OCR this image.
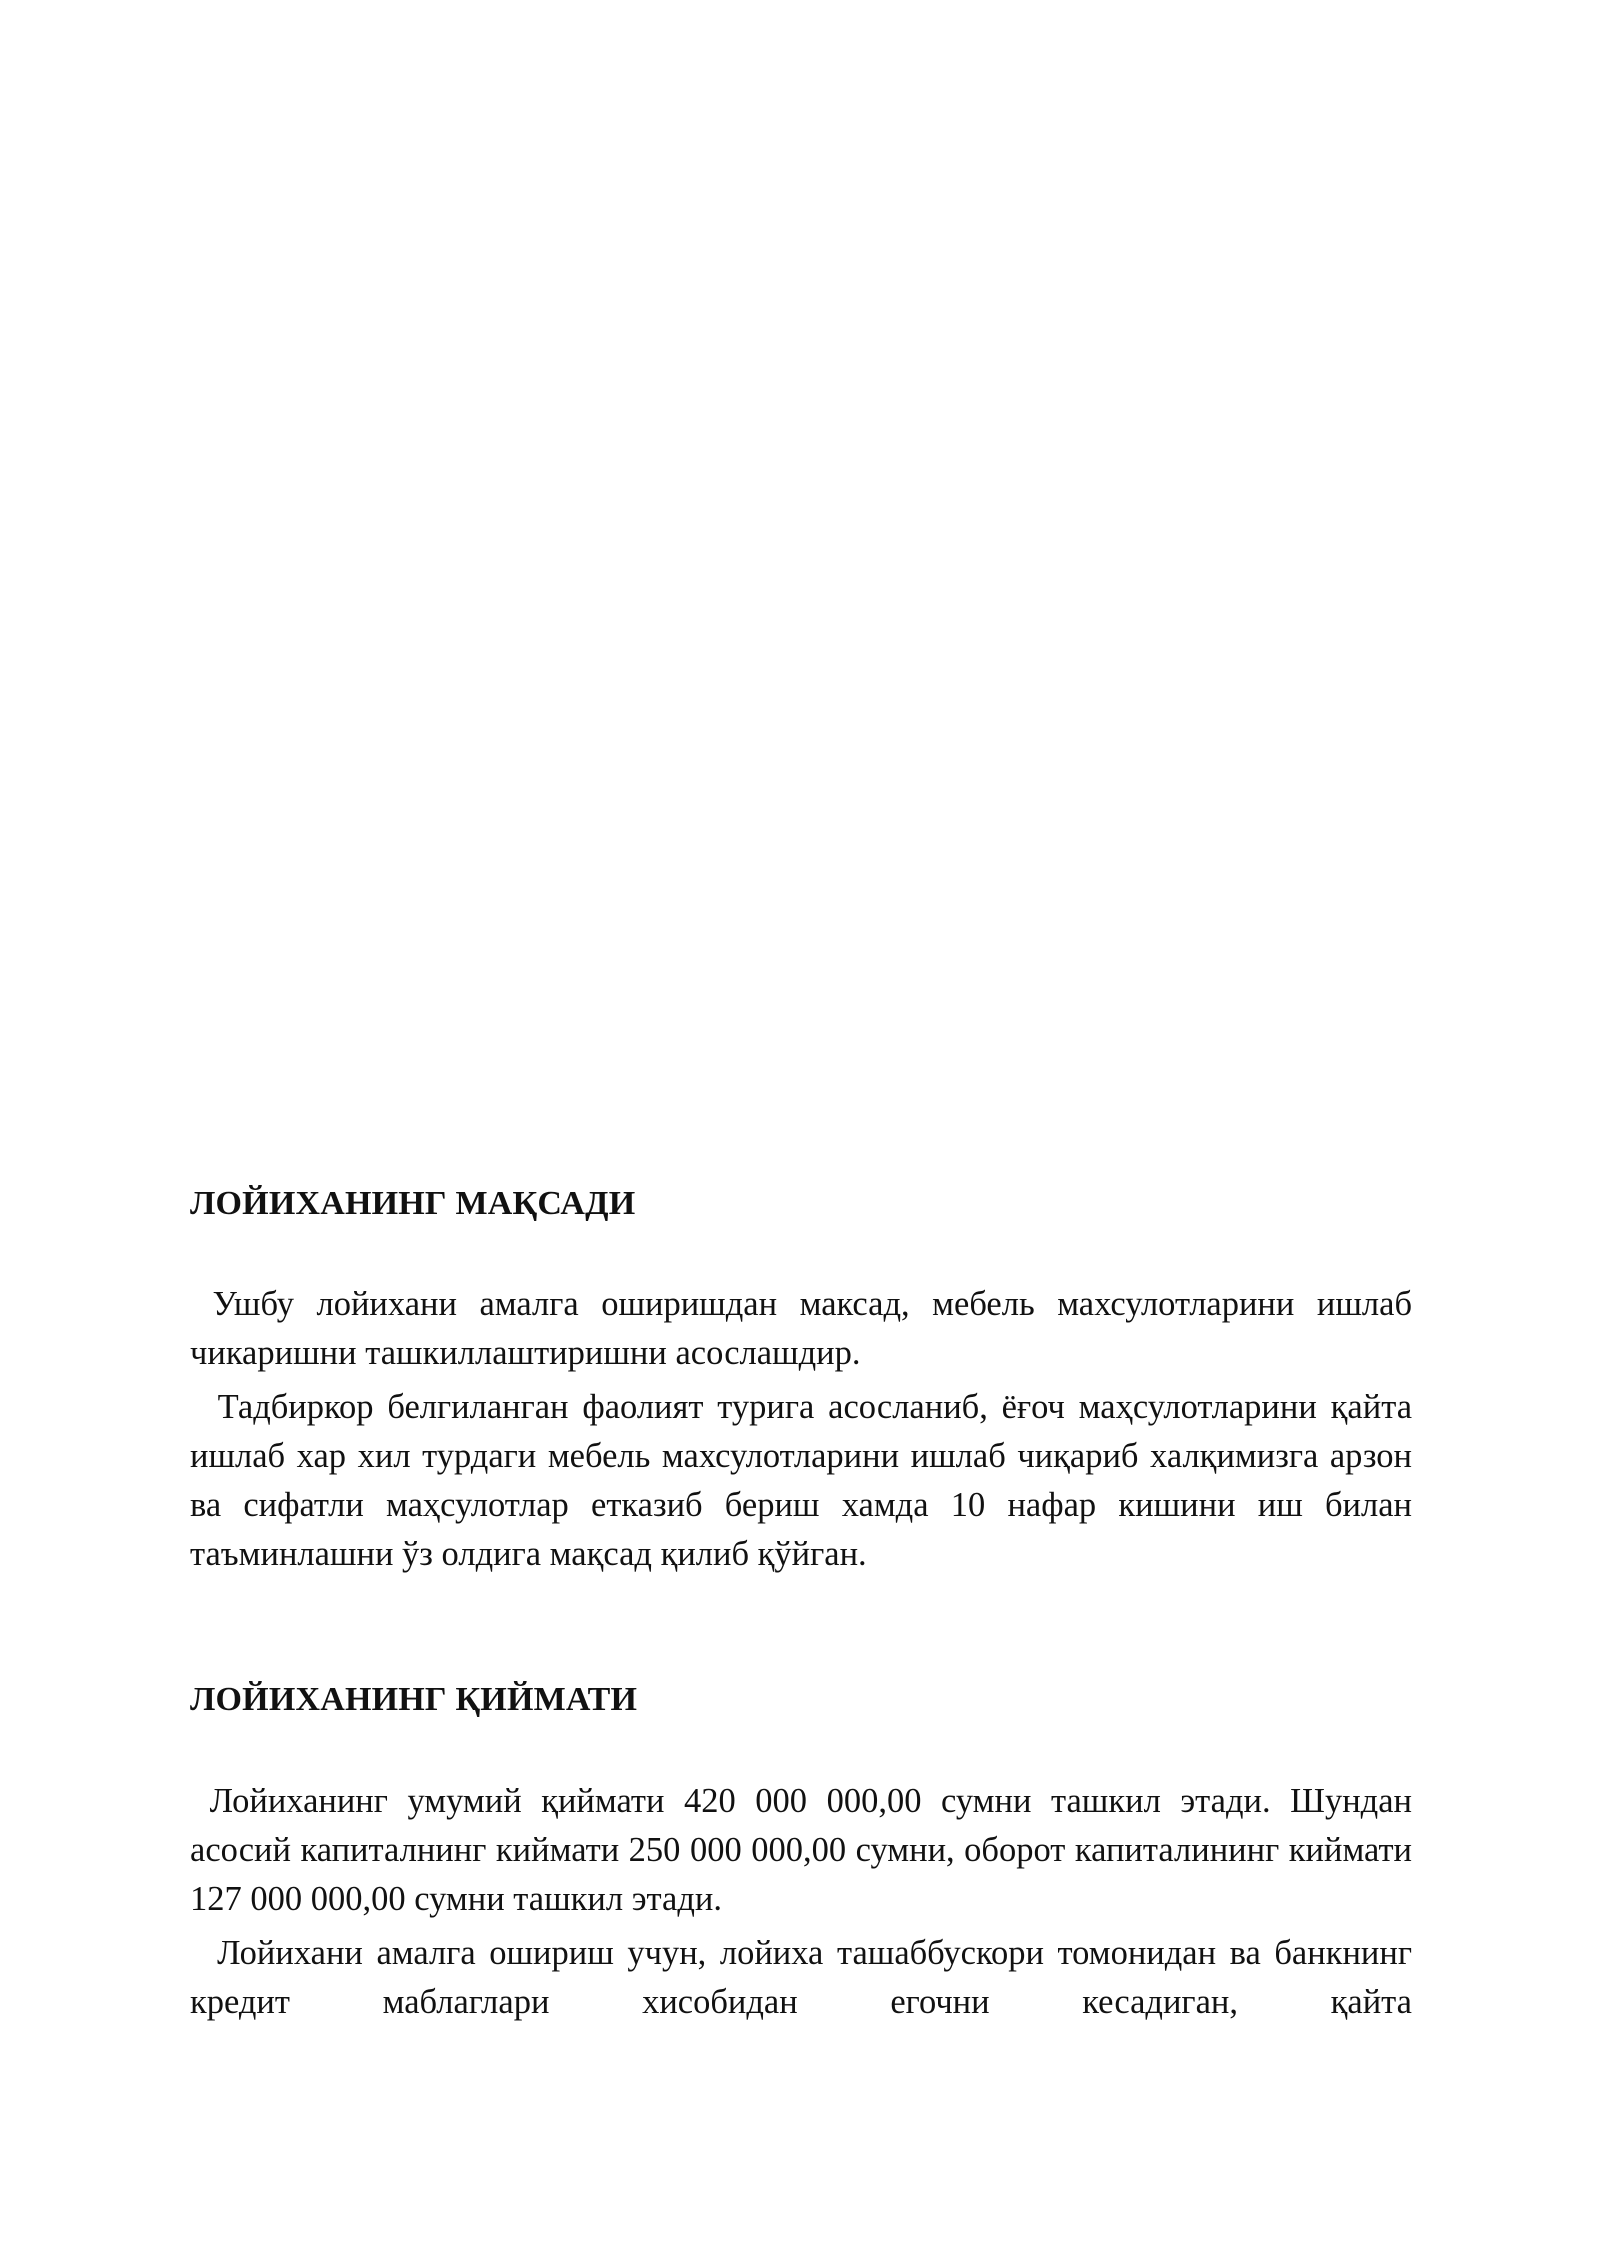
ЛОЙИХАНИНГ МАҚСАДИ

Ушбу лойихани амалга оширишдан максад, мебель махсулотларини ишлаб чикаришни ташкиллаштиришни асослашдир.

Тадбиркор белгиланган фаолият турига асосланиб, ёғоч маҳсулотларини қайта ишлаб хар хил турдаги мебель махсулотларини ишлаб чиқариб халқимизга арзон ва сифатли маҳсулотлар етказиб бериш хамда 10 нафар кишини иш билан таъминлашни ўз олдига мақсад қилиб қўйган.

ЛОЙИХАНИНГ ҚИЙМАТИ

Лойиханинг умумий қиймати 420 000 000,00 сумни ташкил этади. Шундан асосий капиталнинг киймати 250 000 000,00 сумни, оборот капиталининг киймати 127 000 000,00 сумни ташкил этади.

Лойихани амалга ошириш учун, лойиха ташаббускори томонидан ва банкнинг кредит маблаглари хисобидан егочни кесадиган, қайта
